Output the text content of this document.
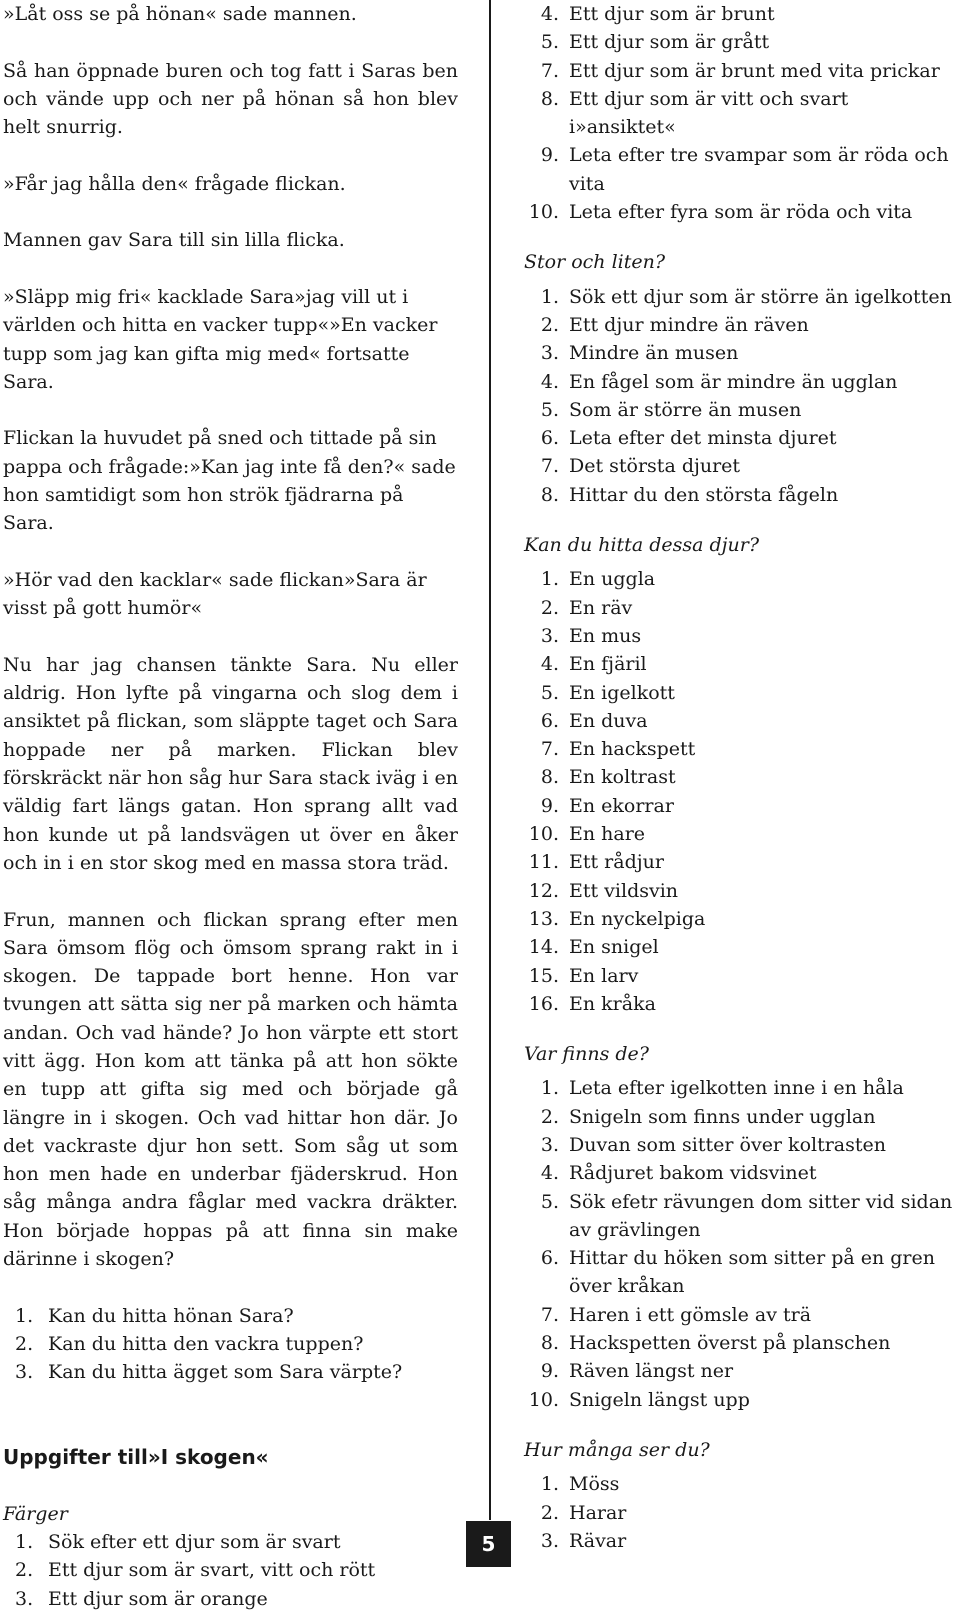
»Låt oss se på hönan« sade mannen.

Så han öppnade buren och tog fatt i Saras ben och vände upp och ner på hönan så hon blev helt snurrig.

»Får jag hålla den« frågade flickan.

Mannen gav Sara till sin lilla flicka.

»Släpp mig fri« kacklade Sara»jag vill ut i världen och hitta en vacker tupp«»En vacker tupp som jag kan gifta mig med« fortsatte Sara.

Flickan la huvudet på sned och tittade på sin pappa och frågade:»Kan jag inte få den?« sade hon samtidigt som hon strök fjädrarna på Sara.

»Hör vad den kacklar« sade flickan»Sara är visst på gott humör«

Nu har jag chansen tänkte Sara. Nu eller aldrig. Hon lyfte på vingarna och slog dem i ansiktet på flickan, som släppte taget och Sara hoppade ner på marken. Flickan blev förskräckt när hon såg hur Sara stack iväg i en väldig fart längs gatan. Hon sprang allt vad hon kunde ut på landsvägen ut över en åker och in i en stor skog med en massa stora träd.

Frun, mannen och flickan sprang efter men Sara ömsom flög och ömsom sprang rakt in i skogen. De tappade bort henne. Hon var tvungen att sätta sig ner på marken och hämta andan. Och vad hände? Jo hon värpte ett stort vitt ägg. Hon kom att tänka på att hon sökte en tupp att gifta sig med och började gå längre in i skogen. Och vad hittar hon där. Jo det vackraste djur hon sett. Som såg ut som hon men hade en underbar fjäderskrud. Hon såg många andra fåglar med vackra dräkter. Hon började hoppas på att finna sin make därinne i skogen?

1. Kan du hitta hönan Sara?
2. Kan du hitta den vackra tuppen?
3. Kan du hitta ägget som Sara värpte?

Uppgifter till»I skogen«

Färger

1. Sök efter ett djur som är svart
2. Ett djur som är svart, vitt och rött
3. Ett djur som är orange
4. Ett djur som är brunt
5. Ett djur som är grått
7. Ett djur som är brunt med vita prickar
8. Ett djur som är vitt och svart i»ansiktet«
9. Leta efter tre svampar som är röda och vita
10. Leta efter fyra som är röda och vita

Stor och liten?

1. Sök ett djur som är större än igelkotten
2. Ett djur mindre än räven
3. Mindre än musen
4. En fågel som är mindre än ugglan
5. Som är större än musen
6. Leta efter det minsta djuret
7. Det största djuret
8. Hittar du den största fågeln

Kan du hitta dessa djur?

1. En uggla
2. En räv
3. En mus
4. En fjäril
5. En igelkott
6. En duva
7. En hackspett
8. En koltrast
9. En ekorrar
10. En hare
11. Ett rådjur
12. Ett vildsvin
13. En nyckelpiga
14. En snigel
15. En larv
16. En kråka

Var finns de?

1. Leta efter igelkotten inne i en håla
2. Snigeln som finns under ugglan
3. Duvan som sitter över koltrasten
4. Rådjuret bakom vidsvinet
5. Sök efetr rävungen dom sitter vid sidan av grävlingen
6. Hittar du höken som sitter på en gren över kråkan
7. Haren i ett gömsle av trä
8. Hackspetten överst på planschen
9. Räven längst ner
10. Snigeln längst upp

Hur många ser du?

1. Möss
2. Harar
3. Rävar
5
